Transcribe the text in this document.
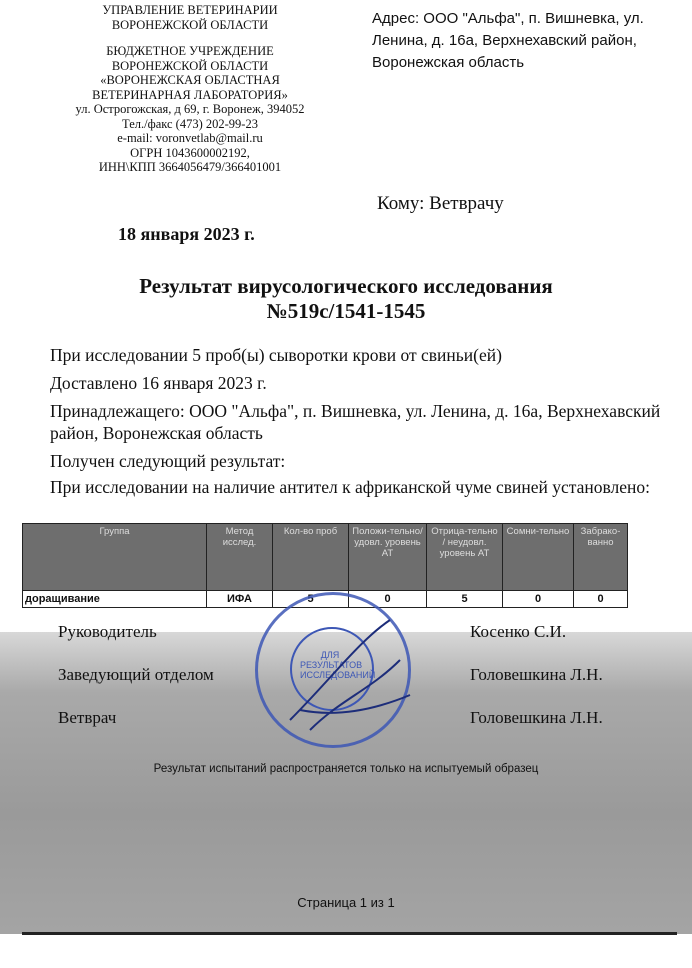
УПРАВЛЕНИЕ ВЕТЕРИНАРИИ
ВОРОНЕЖСКОЙ ОБЛАСТИ
БЮДЖЕТНОЕ УЧРЕЖДЕНИЕ
ВОРОНЕЖСКОЙ ОБЛАСТИ
«ВОРОНЕЖСКАЯ ОБЛАСТНАЯ
ВЕТЕРИНАРНАЯ ЛАБОРАТОРИЯ»
ул. Острогожская, д 69, г. Воронеж, 394052
Тел./факс (473) 202-99-23
e-mail: voronvetlab@mail.ru
ОГРН 1043600002192,
ИНН\КПП 3664056479/366401001
Адрес: ООО "Альфа", п. Вишневка, ул. Ленина, д. 16а, Верхнехавский район, Воронежская область
Кому: Ветврачу
18 января 2023 г.
Результат вирусологического исследования
№519с/1541-1545

При исследовании 5 проб(ы) сыворотки крови от свиньи(ей)

Доставлено 16 января 2023 г.

Принадлежащего: ООО "Альфа", п. Вишневка, ул. Ленина, д. 16а, Верхнехавский район, Воронежская область

Получен следующий результат:

При исследовании на наличие антител к африканской чуме свиней установлено:

Группа	Метод исслед.	Кол-во проб	Положи-тельно/ удовл. уровень АТ	Отрица-тельно / неудовл. уровень АТ	Сомни-тельно	Забрако-ванно
доращивание	ИФА	5	0	5	0	0
Руководитель	Косенко С.И.
Заведующий отделом	Головешкина Л.Н.
Ветврач	Головешкина Л.Н.
ДЛЯ РЕЗУЛЬТАТОВ ИССЛЕДОВАНИЙ
Результат испытаний распространяется только на испытуемый образец
Страница 1 из 1
